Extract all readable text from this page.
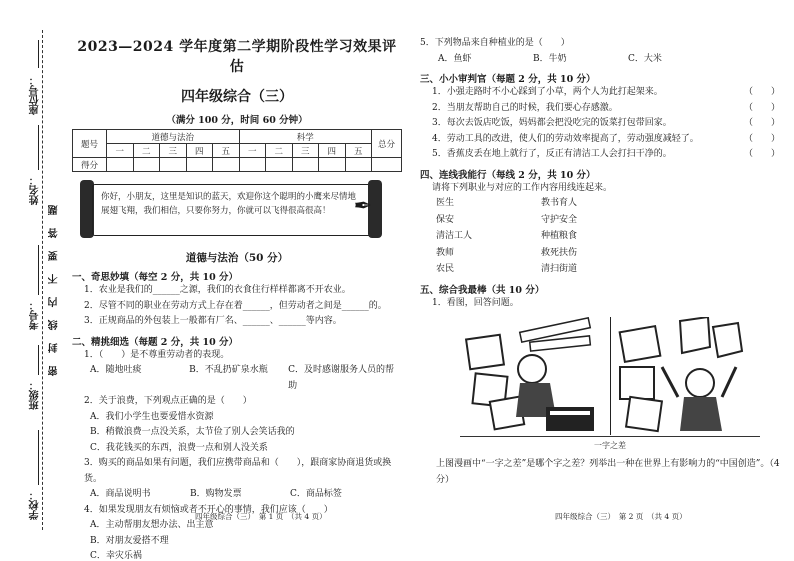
座位号：
姓名：
考号：
班级：
学校：
题
答
要
不
内
线
封
密
2023—2024 学年度第二学期阶段性学习效果评估
四年级综合（三）
（满分 100 分，时间 60 分钟）
题号	道德与法治					科学					总分
	一	二	三	四	五	一	二	三	四	五	
得分											
你好，小朋友，这里是知识的蓝天，欢迎你这个聪明的小鹰来尽情地展翅飞翔，我们相信，只要你努力，你就可以飞得很高很高！	✒
道德与法治（50 分）
一、奇思妙填（每空 2 分，共 10 分）
1．农业是我们的______之源，我们的衣食住行样样都离不开农业。
2．尽管不同的职业在劳动方式上存在着______，但劳动者之间是______的。
3．正规商品的外包装上一般都有厂名、______、______等内容。
二、精挑细选（每题 2 分，共 10 分）
1．（　　）是不尊重劳动者的表现。
A．随地吐痰	B．不乱扔矿泉水瓶	C．及时感谢服务人员的帮助
2．关于浪费，下列观点正确的是（　　）
A．我们小学生也要爱惜水资源
B．稍微浪费一点没关系，太节俭了别人会笑话我的
C．我花钱买的东西，浪费一点和别人没关系
3．购买的商品如果有问题，我们应携带商品和（　　），跟商家协商退货或换货。
A．商品说明书	B．购物发票	C．商品标签
4．如果发现朋友有烦恼或者不开心的事情，我们应该（　　）
A．主动帮朋友想办法、出主意
B．对朋友爱搭不理
C．幸灾乐祸
四年级综合（三）　第 1 页　（共 4 页）
5．下列物品来自种植业的是（　　）
A．鱼虾	B．牛奶	C．大米
三、小小审判官（每题 2 分，共 10 分）
1．小强走路时不小心踩到了小草，两个人为此打起架来。	（　　）
2．当朋友帮助自己的时候，我们要心存感激。	（　　）
3．每次去饭店吃饭，妈妈都会把没吃完的饭菜打包带回家。	（　　）
4．劳动工具的改进，使人们的劳动效率提高了，劳动强度减轻了。	（　　）
5．香蕉皮丢在地上就行了，反正有清洁工人会打扫干净的。	（　　）
四、连线我能行（每线 2 分，共 10 分）
请将下列职业与对应的工作内容用线连起来。
医生	教书育人
保安	守护安全
清洁工人	种植粮食
教师	救死扶伤
农民	清扫街道
五、综合我最棒（共 10 分）
1．看图，回答问题。
一字之差
上图漫画中“一字之差”是哪个字之差？列举出一种在世界上有影响力的“中国创造”。（4 分）
四年级综合（三）　第 2 页　（共 4 页）
